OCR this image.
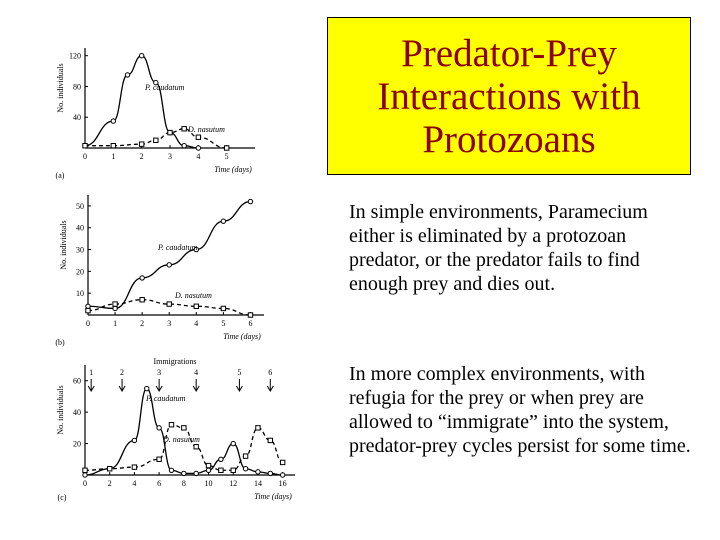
Predator-Prey
Interactions with
Protozoans
In simple environments, Paramecium either is eliminated by a protozoan predator, or the predator fails to find enough prey and dies out.
In more complex environments, with refugia for the prey or when prey are allowed to “immigrate” into the system, predator-prey cycles persist for some time.
0	1	2	3	4	5
40
80
120
Time (days)
No. individuals
(a)
P. caudatum
D. nasutum
0	1	2	3	4	5	6
10
20
30
40
50
Time (days)
No. individuals
(b)
P. caudatum
D. nasutum
0	2	4	6	8 10 12 14 16
20
40
60
Time (days)
No. individuals
(c)
P. caudatum
D. nasutum
Immigrations
1	2	3	4	5	6
